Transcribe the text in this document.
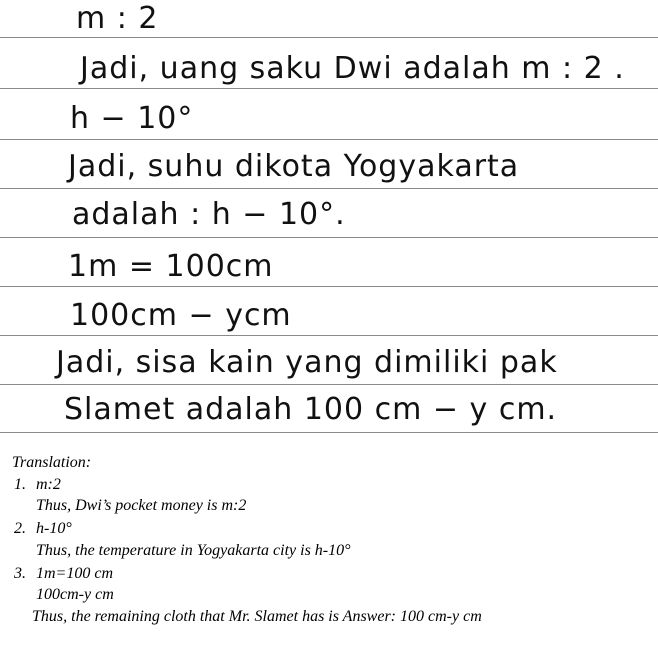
m : 2
Jadi, uang saku Dwi adalah m : 2 .
h − 10°
Jadi, suhu dikota Yogyakarta
adalah : h − 10°.
1m = 100cm
100cm − ycm
Jadi, sisa kain yang dimiliki pak
Slamet adalah 100 cm − y cm.
Translation:
1. m:2
Thus, Dwi’s pocket money is m:2
2. h-10°
Thus, the temperature in Yogyakarta city is h-10°
3. 1m=100 cm
100cm-y cm
Thus, the remaining cloth that Mr. Slamet has is Answer: 100 cm-y cm
